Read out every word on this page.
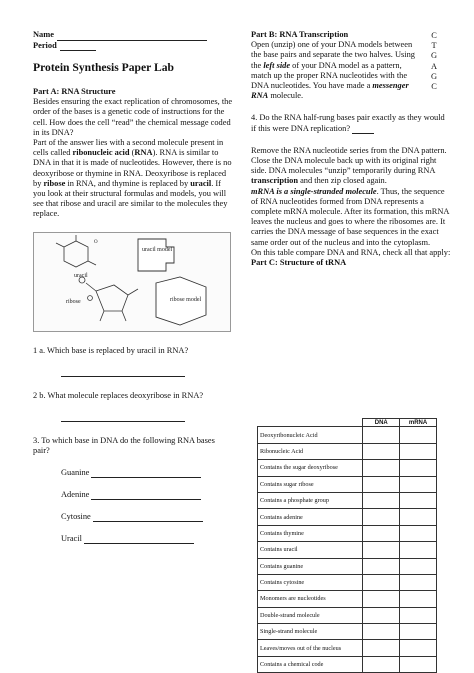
Name
Period
Protein Synthesis Paper Lab
Part A: RNA Structure

Besides ensuring the exact replication of chromosomes, the order of the bases is a genetic code of instructions for the cell. How does the cell “read” the chemical message coded in its DNA?

Part of the answer lies with a second molecule present in cells called ribonucleic acid (RNA). RNA is similar to DNA in that it is made of nucleotides. However, there is no deoxyribose or thymine in RNA. Deoxyribose is replaced by ribose in RNA, and thymine is replaced by uracil. If you look at their structural formulas and models, you will see that ribose and uracil are similar to the molecules they replace.

O
uracil
uracil model
ribose	ribose model
1 a. Which base is replaced by uracil in RNA?
2 b. What molecule replaces deoxyribose in RNA?
3. To which base in DNA do the following RNA bases pair?
Guanine
Adenine
Cytosine
Uracil
Part B: RNA Transcription

Open (unzip) one of your DNA models between the base pairs and separate the two halves. Using the left side of your DNA model as a pattern, match up the proper RNA nucleotides with the DNA nucleotides. You have made a messenger RNA molecule.

4. Do the RNA half-rung bases pair exactly as they would if this were DNA replication?

Remove the RNA nucleotide series from the DNA pattern. Close the DNA molecule back up with its original right side. DNA molecules “unzip” temporarily during RNA transcription and then zip closed again.

mRNA is a single-stranded molecule. Thus, the sequence of RNA nucleotides formed from DNA represents a complete mRNA molecule. After its formation, this mRNA leaves the nucleus and goes to where the ribosomes are. It carries the DNA message of base sequences in the exact same order out of the nucleus and into the cytoplasm.

On this table compare DNA and RNA, check all that apply:

Part C: Structure of tRNA
C
T
G
A
G
C
	DNA	mRNA
Deoxyribonucleic Acid		
Ribonucleic Acid		
Contains the sugar deoxyribose		
Contains sugar ribose		
Contains a phosphate group		
Contains adenine		
Contains thymine		
Contains uracil		
Contains guanine		
Contains cytosine		
Monomers are nucleotides		
Double-strand molecule		
Single-strand molecule		
Leaves/moves out of the nucleus		
Contains a chemical code		
